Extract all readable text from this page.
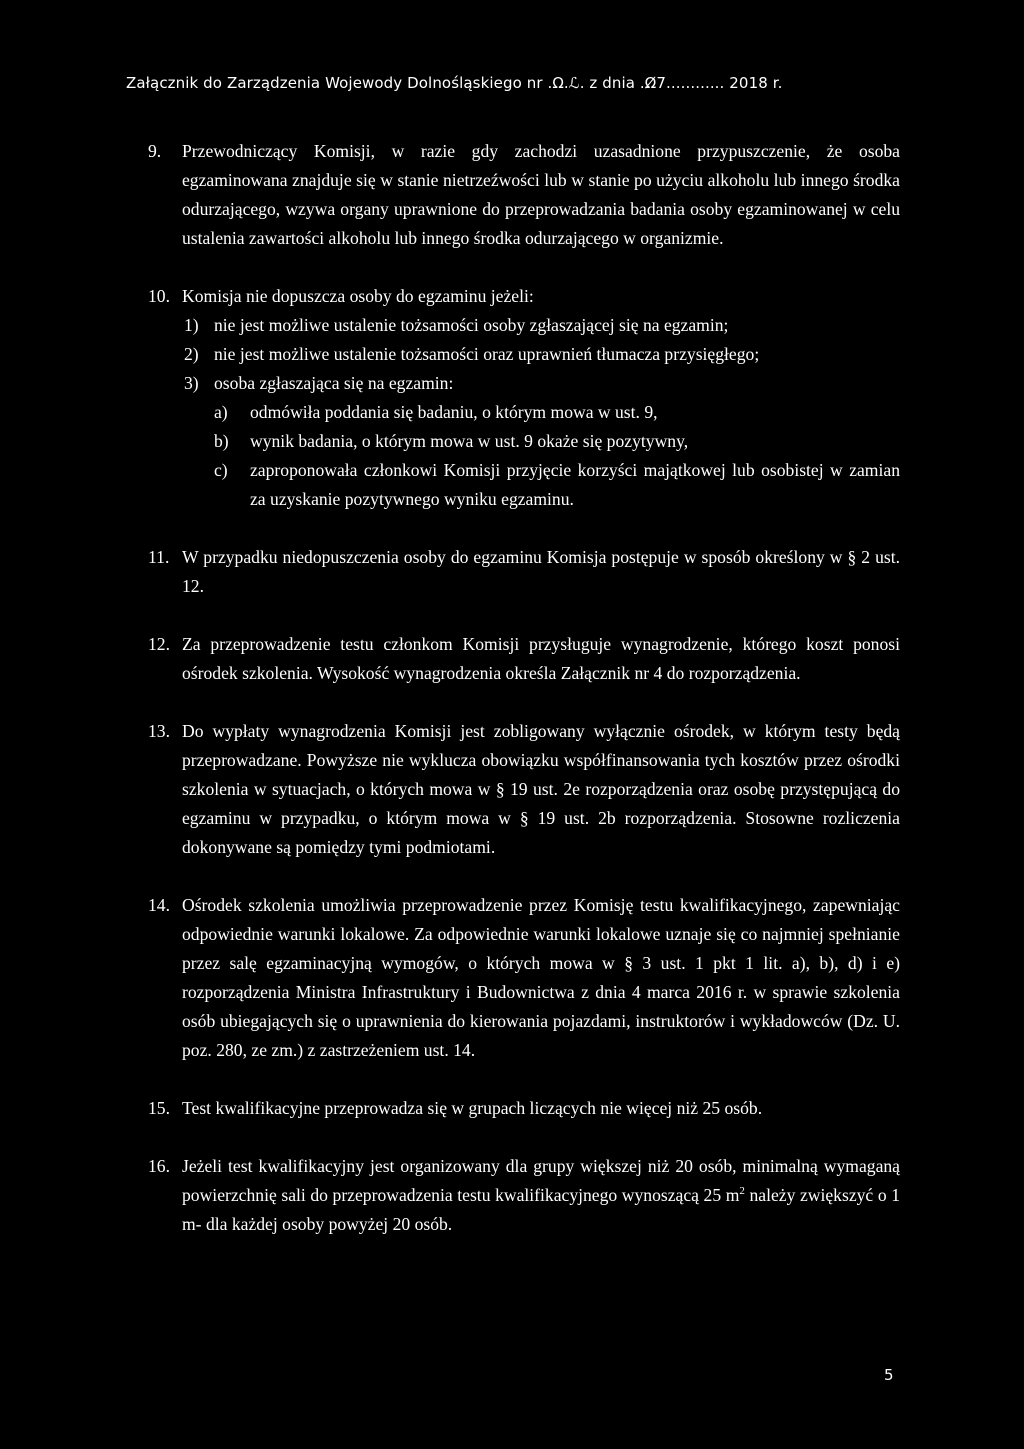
Załącznik do Zarządzenia Wojewody Dolnośląskiego nr .Ω.ℒ. z dnia .Ω̸7............ 2018 r.
9.	Przewodniczący Komisji, w razie gdy zachodzi uzasadnione przypuszczenie, że osoba egzaminowana znajduje się w stanie nietrzeźwości lub w stanie po użyciu alkoholu lub innego środka odurzającego, wzywa organy uprawnione do przeprowadzania badania osoby egzaminowanej w celu ustalenia zawartości alkoholu lub innego środka odurzającego w organizmie.
10. Komisja nie dopuszcza osoby do egzaminu jeżeli:
1) nie jest możliwe ustalenie tożsamości osoby zgłaszającej się na egzamin;
2) nie jest możliwe ustalenie tożsamości oraz uprawnień tłumacza przysięgłego;
3) osoba zgłaszająca się na egzamin:
a)	odmówiła poddania się badaniu, o którym mowa w ust. 9,
b)	wynik badania, o którym mowa w ust. 9 okaże się pozytywny,
c)	zaproponowała członkowi Komisji przyjęcie korzyści majątkowej lub osobistej w zamian za uzyskanie pozytywnego wyniku egzaminu.
11. W przypadku niedopuszczenia osoby do egzaminu Komisja postępuje w sposób określony w § 2 ust. 12.
12. Za przeprowadzenie testu członkom Komisji przysługuje wynagrodzenie, którego koszt ponosi ośrodek szkolenia. Wysokość wynagrodzenia określa Załącznik nr 4 do rozporządzenia.
13. Do wypłaty wynagrodzenia Komisji jest zobligowany wyłącznie ośrodek, w którym testy będą przeprowadzane. Powyższe nie wyklucza obowiązku współfinansowania tych kosztów przez ośrodki szkolenia w sytuacjach, o których mowa w § 19 ust. 2e rozporządzenia oraz osobę przystępującą do egzaminu w przypadku, o którym mowa w § 19 ust. 2b rozporządzenia. Stosowne rozliczenia dokonywane są pomiędzy tymi podmiotami.
14. Ośrodek szkolenia umożliwia przeprowadzenie przez Komisję testu kwalifikacyjnego, zapewniając odpowiednie warunki lokalowe. Za odpowiednie warunki lokalowe uznaje się co najmniej spełnianie przez salę egzaminacyjną wymogów, o których mowa w § 3 ust. 1 pkt 1 lit. a), b), d) i e) rozporządzenia Ministra Infrastruktury i Budownictwa z dnia 4 marca 2016 r. w sprawie szkolenia osób ubiegających się o uprawnienia do kierowania pojazdami, instruktorów i wykładowców (Dz. U. poz. 280, ze zm.) z zastrzeżeniem ust. 14.
15. Test kwalifikacyjne przeprowadza się w grupach liczących nie więcej niż 25 osób.
16. Jeżeli test kwalifikacyjny jest organizowany dla grupy większej niż 20 osób, minimalną wymaganą powierzchnię sali do przeprowadzenia testu kwalifikacyjnego wynoszącą 25 $m^2$ należy zwiększyć o 1 m- dla każdej osoby powyżej 20 osób.
5
